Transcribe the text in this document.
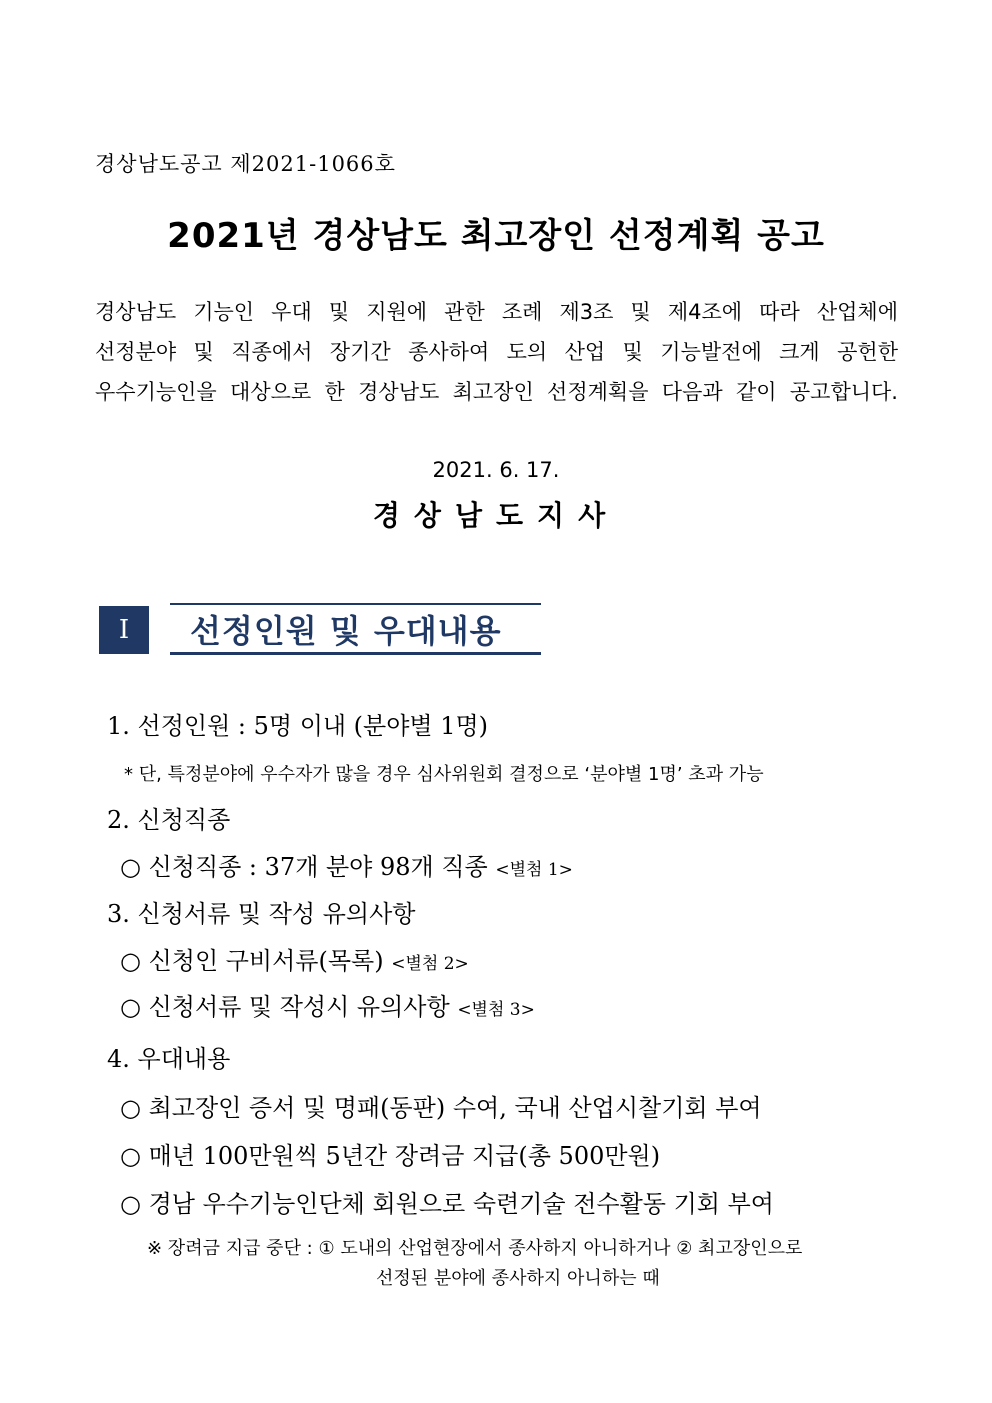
경상남도공고 제2021-1066호
2021년 경상남도 최고장인 선정계획 공고
경상남도 기능인 우대 및 지원에 관한 조례 제3조 및 제4조에 따라 산업체에
선정분야 및 직종에서 장기간 종사하여 도의 산업 및 기능발전에 크게 공헌한
우수기능인을 대상으로 한 경상남도 최고장인 선정계획을 다음과 같이 공고합니다.
2021. 6. 17.
경상남도지사
I	선정인원 및 우대내용
1. 선정인원 : 5명 이내 (분야별 1명)
* 단, 특정분야에 우수자가 많을 경우 심사위원회 결정으로 ‘분야별 1명’ 초과 가능
2. 신청직종
○ 신청직종 : 37개 분야 98개 직종 <별첨 1>
3. 신청서류 및 작성 유의사항
○ 신청인 구비서류(목록) <별첨 2>
○ 신청서류 및 작성시 유의사항 <별첨 3>
4. 우대내용
○ 최고장인 증서 및 명패(동판) 수여, 국내 산업시찰기회 부여
○ 매년 100만원씩 5년간 장려금 지급(총 500만원)
○ 경남 우수기능인단체 회원으로 숙련기술 전수활동 기회 부여
※ 장려금 지급 중단 : ① 도내의 산업현장에서 종사하지 아니하거나 ② 최고장인으로
선정된 분야에 종사하지 아니하는 때
